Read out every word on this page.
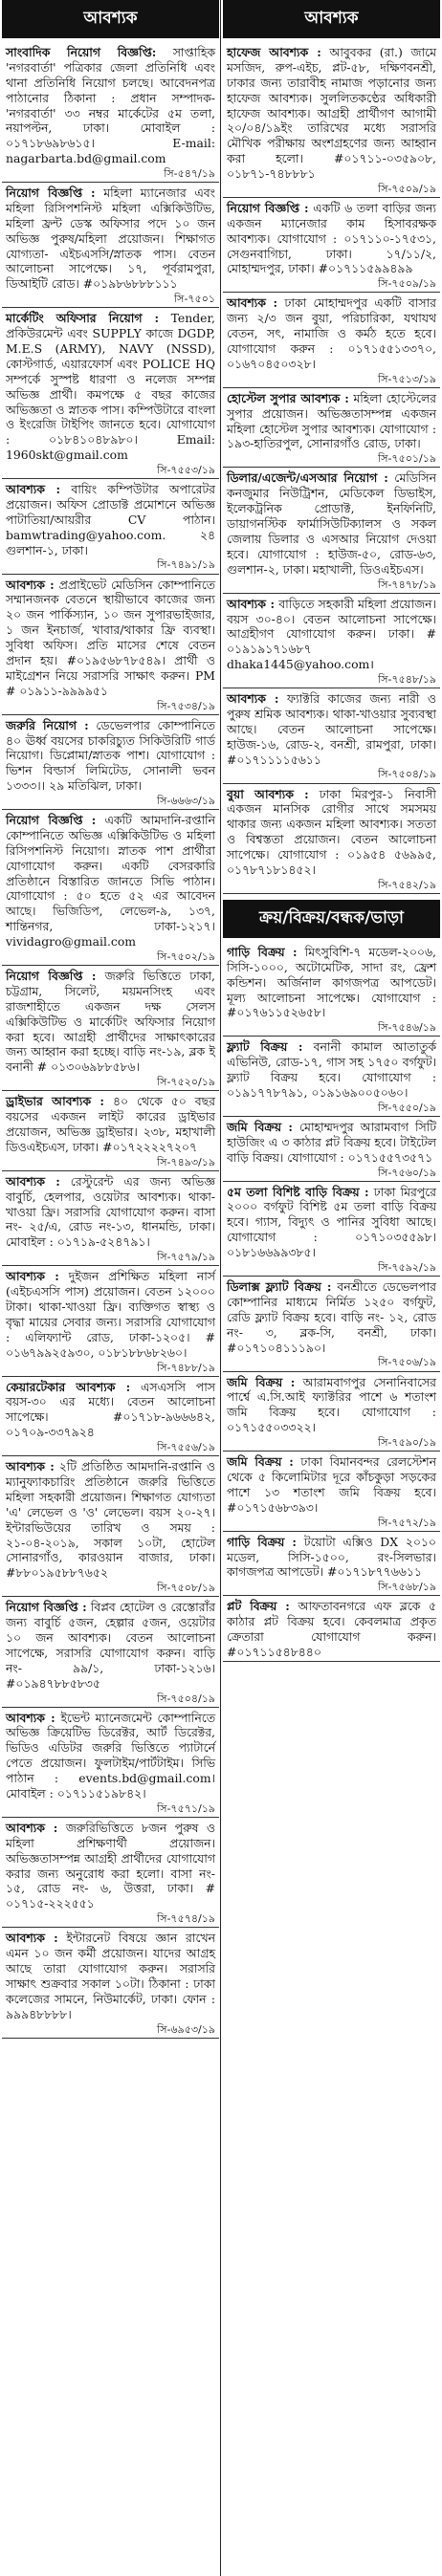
আবশ্যক
সাংবাদিক নিয়োগ বিজ্ঞপ্তি: সাপ্তাহিক 'নগরবার্তা' পত্রিকার জেলা প্রতিনিধি এবং থানা প্রতিনিধি নিয়োগ চলছে। আবেদনপত্র পাঠানোর ঠিকানা : প্রধান সম্পাদক- 'নগরবার্তা' ৩৩ নম্বর মার্কেটের ৫ম তলা, নয়াপল্টন, ঢাকা। মোবাইল : ০১৭১৮৬৯৮৬১৫। E-mail: nagarbarta.bd@gmail.com
সি-৫৪৭/১৯
নিয়োগ বিজ্ঞপ্তি : মহিলা ম্যানেজার এবং মহিলা রিসিপশনিস্ট মহিলা এক্সিকিউটিভ, মহিলা ফ্রন্ট ডেস্ক অফিসার পদে ১০ জন অভিজ্ঞ পুরুষ/মহিলা প্রয়োজন। শিক্ষাগত যোগ্যতা- এইচএসসি/স্নাতক পাস। বেতন আলোচনা সাপেক্ষে। ১৭, পূর্বরামপুরা, ডিআইটি রোড। #০১৯৮৬৮৮৮১১১
সি-৭৫০১
মার্কেটিং অফিসার নিয়োগ : Tender, প্রকিউরমেন্ট এবং SUPPLY কাজে DGDP, M.E.S (ARMY), NAVY (NSSD), কোস্টগার্ড, এয়ারফোর্স এবং POLICE HQ সম্পর্কে সুস্পষ্ট ধারণা ও নলেজ সম্পন্ন অভিজ্ঞ প্রার্থী। কমপক্ষে ৫ বছর কাজের অভিজ্ঞতা ও স্নাতক পাস। কম্পিউটারে বাংলা ও ইংরেজি টাইপিং জানতে হবে। যোগাযোগ : ০১৮৪১০৪৮৯৮০। Email: 1960skt@gmail.com
সি-৭৫৫৩/১৯
আবশ্যক : বায়িং কম্পিউটার অপারেটর প্রয়োজন। অফিস প্রোডাক্ট প্রমোশনে অভিজ্ঞ পাটাতিয়া/আয়রীর CV পাঠান। bamwtrading@yahoo.com. ২৪ গুলশান-১, ঢাকা।
সি-৭৪৯১/১৯
আবশ্যক : প্রপ্রাইভেট মেডিসিন কোম্পানিতে সম্মানজনক বেতনে স্থায়ীভাবে কাজের জন্য ২০ জন পার্কিস্যান, ১০ জন সুপারভাইজার, ১ জন ইনচার্জ, খাবার/থাকার ফ্রি ব্যবস্থা। সুবিধা অফিস। প্রতি মাসের শেষে বেতন প্রদান হয়। #০১৯৫৬৮৭৮৫৪৯। প্রার্থী ও মাইগ্রেশন নিয়ে সরাসরি সাক্ষাৎ করুন। PM # ০১৯১১-৯৯৯৯৫১
সি-৭৫৩৪/১৯
জরুরি নিয়োগ : ডেভেলপার কোম্পানিতে ৪০ ঊর্ধ্ব বয়সের চাকরিচ্যুত সিকিউরিটি গার্ড নিয়োগ। ডিপ্লোমা/স্নাতক পাশ। যোগাযোগ : ভিশন বিল্ডার্স লিমিটেড, সোনালী ভবন ১৩৩৩।। ২৯ মতিঝিল, ঢাকা।
সি-৬৬৬৩/১৯
নিয়োগ বিজ্ঞপ্তি : একটি আমদানি-রপ্তানি কোম্পানিতে অভিজ্ঞ এক্সিকিউটিভ ও মহিলা রিসিপশনিস্ট নিয়োগ। স্নাতক পাশ প্রার্থীরা যোগাযোগ করুন। একটি বেসরকারি প্রতিষ্ঠানে বিস্তারিত জানতে সিভি পাঠান। যোগাযোগ : ৫০ হতে ৫২ এর আবেদন আছে। ভিজিডিপ, লেভেল-৯, ১৩৭, শান্তিনগর, ঢাকা-১২১৭। vividagro@gmail.com
সি-৭৫০২/১৯
নিয়োগ বিজ্ঞপ্তি : জরুরি ভিত্তিতে ঢাকা, চট্টগ্রাম, সিলেট, ময়মনসিংহ এবং রাজশাহীতে একজন দক্ষ সেলস এক্সিকিউটিভ ও মার্কেটিং অফিসার নিয়োগ করা হবে। আগ্রহী প্রার্থীদের সাক্ষাৎকারের জন্য আহ্বান করা হচ্ছে। বাড়ি নং-১৯, ব্লক ই বনানী # ০১৩০৬৯৮৮৫৮৬।
সি-৭৫২০/১৯
ড্রাইভার আবশ্যক : ৪০ থেকে ৫০ বছর বয়সের একজন লাইট কারের ড্রাইভার প্রয়োজন, অভিজ্ঞ ড্রাইভার। ২৩৮, মহাখালী ডিওএইচএস, ঢাকা। #০১৭২২২২৭২০৭
সি-৭৪৯৩/১৯
আবশ্যক : রেস্টুরেন্ট এর জন্য অভিজ্ঞ বাবুর্চি, হেলপার, ওয়েটার আবশ্যক। থাকা-খাওয়া ফ্রি। সরাসরি যোগাযোগ করুন। বাসা নং- ২৫/এ, রোড নং-১৩, ধানমন্ডি, ঢাকা। মোবাইল : ০১৭১৯-৫২৪৭৯১।
সি-৭৫৭৯/১৯
আবশ্যক : দুইজন প্রশিক্ষিত মহিলা নার্স (এইচএসসি পাস) প্রয়োজন। বেতন ১২০০০ টাকা। থাকা-খাওয়া ফ্রি। ব্যক্তিগত স্বাস্থ্য ও বৃদ্ধা মায়ের সেবার জন্য। সরাসরি যোগাযোগ : এলিফ্যান্ট রোড, ঢাকা-১২০৫। # ০১৬৭৯৯২৫৯৩০, ০১৮১৮৮৬৮২৬০।
সি-৭৪৮৮/১৯
কেয়ারটেকার আবশ্যক : এসএসসি পাস বয়স-৩০ এর মধ্যে। বেতন আলোচনা সাপেক্ষে। #০১৭১৮-৯৬৬৬৪২, ০১৭০৯-৩৩৭৯২৪
সি-৭৫৫৬/১৯
আবশ্যক : ২টি প্রতিষ্ঠিত আমদানি-রপ্তানি ও ম্যানুফ্যাকচারিং প্রতিষ্ঠানে জরুরি ভিত্তিতে মহিলা সহকারী প্রয়োজন। শিক্ষাগত যোগ্যতা 'এ' লেভেল ও 'ও' লেভেল। বয়স ২০-২৭। ইন্টারভিউয়ের তারিখ ও সময় : ২১-০৪-২০১৯, সকাল ১০টা, হোটেল সোনারগাঁও, কারওয়ান বাজার, ঢাকা। #৮৮০১৯৫৮৮৭৬৫২
সি-৭৫০৮/১৯
নিয়োগ বিজ্ঞপ্তি : বিপ্লব হোটেল ও রেস্তোরাঁর জন্য বাবুর্চি ৫জন, হেল্পার ৫জন, ওয়েটার ১০ জন আবশ্যক। বেতন আলোচনা সাপেক্ষে, সরাসরি যোগাযোগ করুন। বাড়ি নং- ৯৯/১, ঢাকা-১২১৬। #০১৯৪৭৮৮৫৮৩৫
সি-৭৫০৪/১৯
আবশ্যক : ইভেন্ট ম্যানেজমেন্ট কোম্পানিতে অভিজ্ঞ ক্রিয়েটিভ ডিরেক্টর, আর্ট ডিরেক্টর, ভিডিও এডিটর জরুরি ভিত্তিতে প্যাটার্নে পেতে প্রয়োজন। ফুলটাইম/পার্টটাইম। সিভি পাঠান : events.bd@gmail.com। মোবাইল : ০১৭১১৫১৯৮৪২।
সি-৭৫৭১/১৯
আবশ্যক : জরুরিভিত্তিতে ৮জন পুরুষ ও মহিলা প্রশিক্ষণার্থী প্রয়োজন। অভিজ্ঞতাসম্পন্ন আগ্রহী প্রার্থীদের যোগাযোগ করার জন্য অনুরোধ করা হলো। বাসা নং- ১৫, রোড নং- ৬, উত্তরা, ঢাকা। # ০১৭১৫-২২২৫৫১
সি-৭৫৭৪/১৯
আবশ্যক : ইন্টারনেট বিষয়ে জ্ঞান রাখেন এমন ১০ জন কর্মী প্রয়োজন। যাদের আগ্রহ আছে তারা যোগাযোগ করুন। সরাসরি সাক্ষাৎ শুক্রবার সকাল ১০টা। ঠিকানা : ঢাকা কলেজের সামনে, নিউমার্কেট, ঢাকা। ফোন : ৯৯৯৪৮৮৮৮।
সি-৬৯৫৩/১৯
আবশ্যক
হাফেজ আবশ্যক : আবুবকর (রা.) জামে মসজিদ, রুপ-এইচ, প্লট-৫৮, দক্ষিণবনশ্রী, ঢাকার জন্য তারাবীহ নামাজ পড়ানোর জন্য হাফেজ আবশ্যক। সুললিতকণ্ঠের অধিকারী হাফেজ আবশ্যক। আগ্রহী প্রার্থীগণ আগামী ২০/০৪/১৯ইং তারিখের মধ্যে সরাসরি মৌখিক পরীক্ষায় অংশগ্রহণের জন্য আহ্বান করা হলো। #০১৭১১-০৩৫৯০৮, ০১৮৭১-৭৪৮৮৮১
সি-৭৫০৯/১৯
নিয়োগ বিজ্ঞপ্তি : একটি ৬ তলা বাড়ির জন্য একজন ম্যানেজার কাম হিসাবরক্ষক আবশ্যক। যোগাযোগ : ০১৭১১০-১৭৫৩১, সেগুনবাগিচা, ঢাকা। ১৭/১১/২, মোহাম্মদপুর, ঢাকা। #০১৭১১৫৯৯৪৯৯
সি-৭৫০৯/১৯
আবশ্যক : ঢাকা মোহাম্মদপুর একটি বাসার জন্য ২/৩ জন বুয়া, পরিচারিকা, যথাযথ বেতন, সৎ, নামাজি ও কর্মঠ হতে হবে। যোগাযোগ করুন : ০১৭১৫৫১৩৩৭০, ০১৬৭০৪৫০৩২৮।
সি-৭৫১৩/১৯
হোস্টেল সুপার আবশ্যক : মহিলা হোস্টেলের সুপার প্রয়োজন। অভিজ্ঞতাসম্পন্ন একজন মহিলা হোস্টেল সুপার আবশ্যক। যোগাযোগ : ১৯৩-হাতিরপুল, সোনারগাঁও রোড, ঢাকা।
সি-৭৫০১/১৯
ডিলার/এজেন্ট/এসআর নিয়োগ : মেডিসিন কনজুমার নিউট্রিশন, মেডিকেল ডিভাইস, ইলেকট্রনিক প্রোডাক্ট, ইনফিনিটি, ডায়াগনস্টিক ফার্মাসিউটিক্যালস ও সকল জেলায় ডিলার ও এসআর নিয়োগ দেওয়া হবে। যোগাযোগ : হাউজ-৫০, রোড-৬৩, গুলশান-২, ঢাকা। মহাখালী, ডিওএইচএস।
সি-৭৪৭৮/১৯
আবশ্যক : বাড়িতে সহকারী মহিলা প্রয়োজন। বয়স ৩০-৪০। বেতন আলোচনা সাপেক্ষে। আগ্রহীগণ যোগাযোগ করুন। ঢাকা। # ০১৯১৯১৭১৬৮৭ dhaka1445@yahoo.com।
সি-৭৫৪৮/১৯
আবশ্যক : ফ্যাক্টরি কাজের জন্য নারী ও পুরুষ শ্রমিক আবশ্যক। থাকা-খাওয়ার সুব্যবস্থা আছে। বেতন আলোচনা সাপেক্ষে। হাউজ-১৬, রোড-২, বনশ্রী, রামপুরা, ঢাকা। #০১৭১১১১৫৬১১
সি-৭৫০৪/১৯
বুয়া আবশ্যক : ঢাকা মিরপুর-১ নিবাসী একজন মানসিক রোগীর সাথে সমসময় থাকার জন্য একজন মহিলা আবশ্যক। সততা ও বিশ্বস্ততা প্রয়োজন। বেতন আলোচনা সাপেক্ষে। যোগাযোগ : ০১৯৫৪ ৫৬৯৯৫, ০১৭৮৭১৮১৪৫২।
সি-৭৫৪২/১৯
ক্রয়/বিক্রয়/বন্ধক/ভাড়া
গাড়ি বিক্রয় : মিৎসুবিশি-৭ মডেল-২০০৬, সিসি-১০০০, অটোমেটিক, সাদা রং, ফ্রেশ কন্ডিশন। অর্জিনাল কাগজপত্র আপডেট। মূল্য আলোচনা সাপেক্ষে। যোগাযোগ : #০১৭৬১১৫২৬৫৮।
সি-৭৫৪৬/১৯
ফ্ল্যাট বিক্রয় : বনানী কামাল আতাতুর্ক এভিনিউ, রোড-১৭, গাস সহ ১৭৫০ বর্গফুট। ফ্ল্যাট বিক্রয় হবে। যোগাযোগ : ০১৯১৭৭৮৭৯১, ০১৯১৬৯০০৫০৬০।
সি-৭৫৫০/১৯
জমি বিক্রয় : মোহাম্মদপুর আরামবাগ সিটি হাউজিং এ ৩ কাঠার প্লট বিক্রয় হবে। টাইটেল বাড়ি বিক্রয়। যোগাযোগ : ০১৭১৫৫৭৩৫৭১
সি-৭৫৬০/১৯
৫ম তলা বিশিষ্ট বাড়ি বিক্রয় : ঢাকা মিরপুরে ২০০০ বর্গফুট বিশিষ্ট ৫ম তলা বাড়ি বিক্রয় হবে। গ্যাস, বিদ্যুৎ ও পানির সুবিধা আছে। যোগাযোগ : ০১৭১০৩৫৫৯৮। ০১৮১৬৬৯৯৩৮৫।
সি-৭৫৯২/১৯
ডিলাক্স ফ্ল্যাট বিক্রয় : বনশ্রীতে ডেভেলপার কোম্পানির মাধ্যমে নির্মিত ১২৫০ বর্গফুট, রেডি ফ্ল্যাট বিক্রয় হবে। বাড়ি নং- ১২, রোড নং- ৩, ব্লক-সি, বনশ্রী, ঢাকা। #০১৭১০৪১১১৯০।
সি-৭৫০৬/১৯
জমি বিক্রয় : আরামবাগপুর সেনানিবাসের পার্শ্বে এ.সি.আই ফ্যাক্টরির পাশে ৬ শতাংশ জমি বিক্রয় হবে। যোগাযোগ : ০১৭১৫৫০৩৩২২।
সি-৭৫৯০/১৯
জমি বিক্রয় : ঢাকা বিমানবন্দর রেলস্টেশন থেকে ৫ কিলোমিটার দূরে কাঁচকুড়া সড়কের পাশে ১৩ শতাংশ জমি বিক্রয় হবে। #০১৭১৫৬৮৩৯৩।
সি-৭৫৭২/১৯
গাড়ি বিক্রয় : টয়োটা এক্সিও DX ২০১০ মডেল, সিসি-১৫০০, রং-সিলভার। কাগজপত্র আপডেট। #০১৭১৮৭৭৬৬১১
সি-৭৫৬৮/১৯
প্লট বিক্রয় : আফতাবনগরে এফ ব্লকে ৫ কাঠার প্লট বিক্রয় হবে। কেবলমাত্র প্রকৃত ক্রেতারা যোগাযোগ করুন। #০১৭১১৫৪৮৪৪০
